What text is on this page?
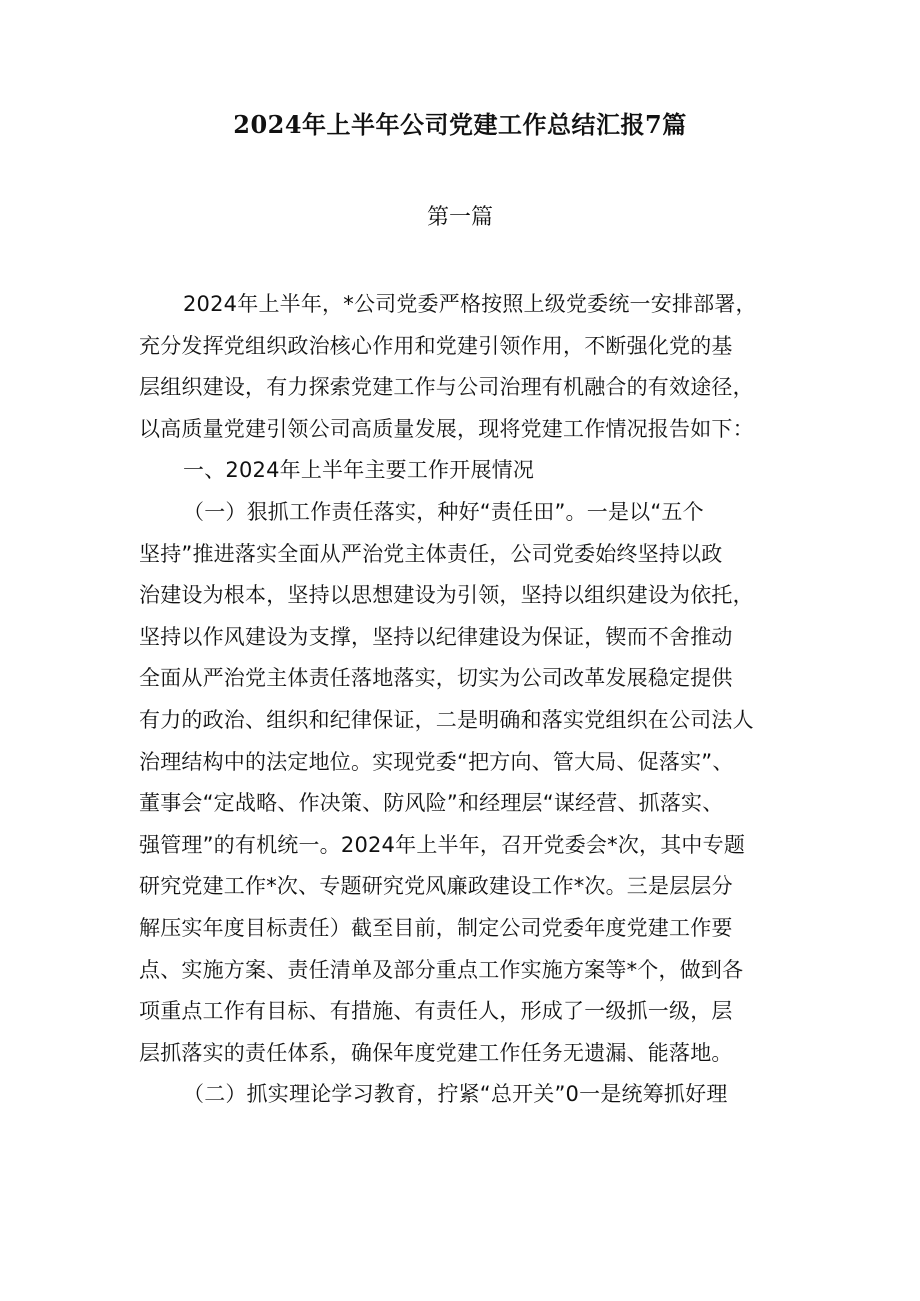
2024年上半年公司党建工作总结汇报7篇
第一篇
2024年上半年，*公司党委严格按照上级党委统一安排部署，
充分发挥党组织政治核心作用和党建引领作用，不断强化党的基
层组织建设，有力探索党建工作与公司治理有机融合的有效途径，
以高质量党建引领公司高质量发展，现将党建工作情况报告如下：
一、2024年上半年主要工作开展情况
（一）狠抓工作责任落实，种好“责任田”。一是以“五个
坚持”推进落实全面从严治党主体责任，公司党委始终坚持以政
治建设为根本，坚持以思想建设为引领，坚持以组织建设为依托，
坚持以作风建设为支撑，坚持以纪律建设为保证，锲而不舍推动
全面从严治党主体责任落地落实，切实为公司改革发展稳定提供
有力的政治、组织和纪律保证，二是明确和落实党组织在公司法人
治理结构中的法定地位。实现党委“把方向、管大局、促落实”、
董事会“定战略、作决策、防风险”和经理层“谋经营、抓落实、
强管理”的有机统一。2024年上半年，召开党委会*次，其中专题
研究党建工作*次、专题研究党风廉政建设工作*次。三是层层分
解压实年度目标责任）截至目前，制定公司党委年度党建工作要
点、实施方案、责任清单及部分重点工作实施方案等*个，做到各
项重点工作有目标、有措施、有责任人，形成了一级抓一级，层
层抓落实的责任体系，确保年度党建工作任务无遗漏、能落地。
（二）抓实理论学习教育，拧紧“总开关”0一是统筹抓好理
